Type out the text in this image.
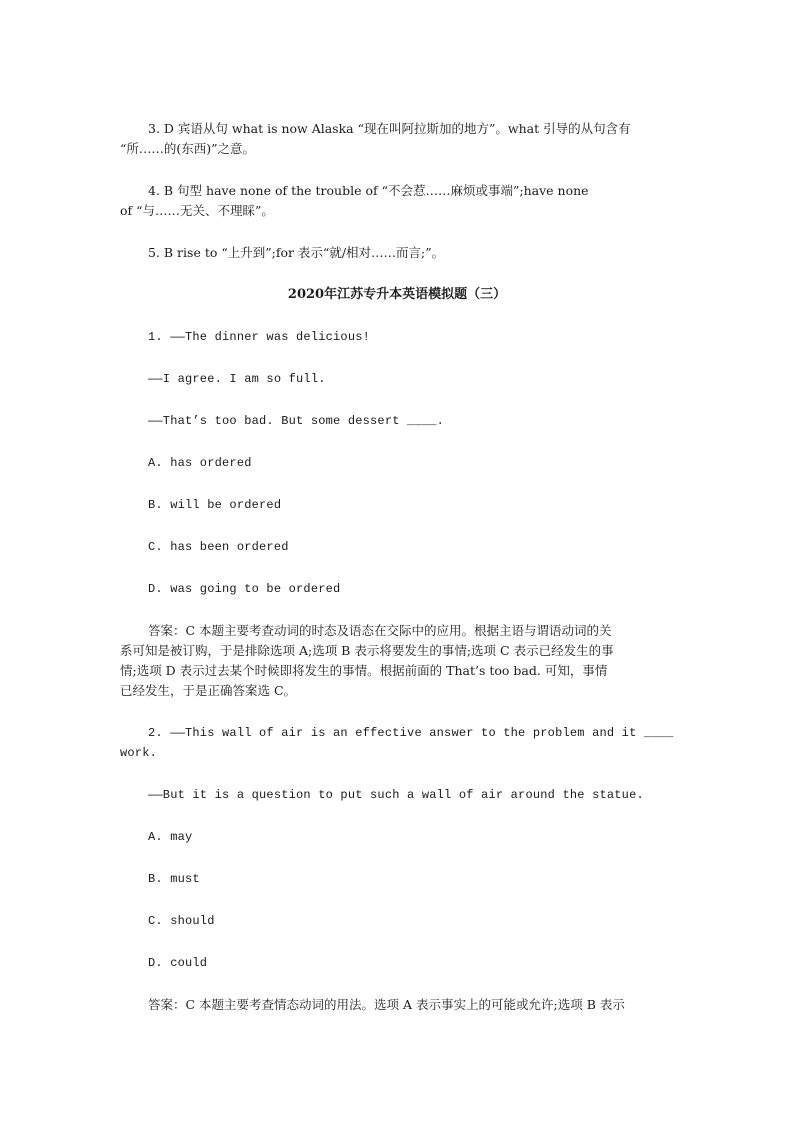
3. D 宾语从句 what is now Alaska “现在叫阿拉斯加的地方”。what 引导的从句含有

“所……的(东西)”之意。

4. B 句型 have none of the trouble of “不会惹……麻烦或事端”;have none

of “与……无关、不理睬”。

5. B rise to “上升到”;for 表示“就/相对……而言;”。

2020年江苏专升本英语模拟题（三）

1. ——The dinner was delicious!

——I agree. I am so full.

——That’s too bad. But some dessert ____.

A. has ordered

B. will be ordered

C. has been ordered

D. was going to be ordered

答案：C 本题主要考查动词的时态及语态在交际中的应用。根据主语与谓语动词的关

系可知是被订购，于是排除选项 A;选项 B 表示将要发生的事情;选项 C 表示已经发生的事

情;选项 D 表示过去某个时候即将发生的事情。根据前面的 That’s too bad. 可知，事情

已经发生，于是正确答案选 C。

2. ——This wall of air is an effective answer to the problem and it ____

work.

——But it is a question to put such a wall of air around the statue.

A. may

B. must

C. should

D. could

答案：C 本题主要考查情态动词的用法。选项 A 表示事实上的可能或允许;选项 B 表示
